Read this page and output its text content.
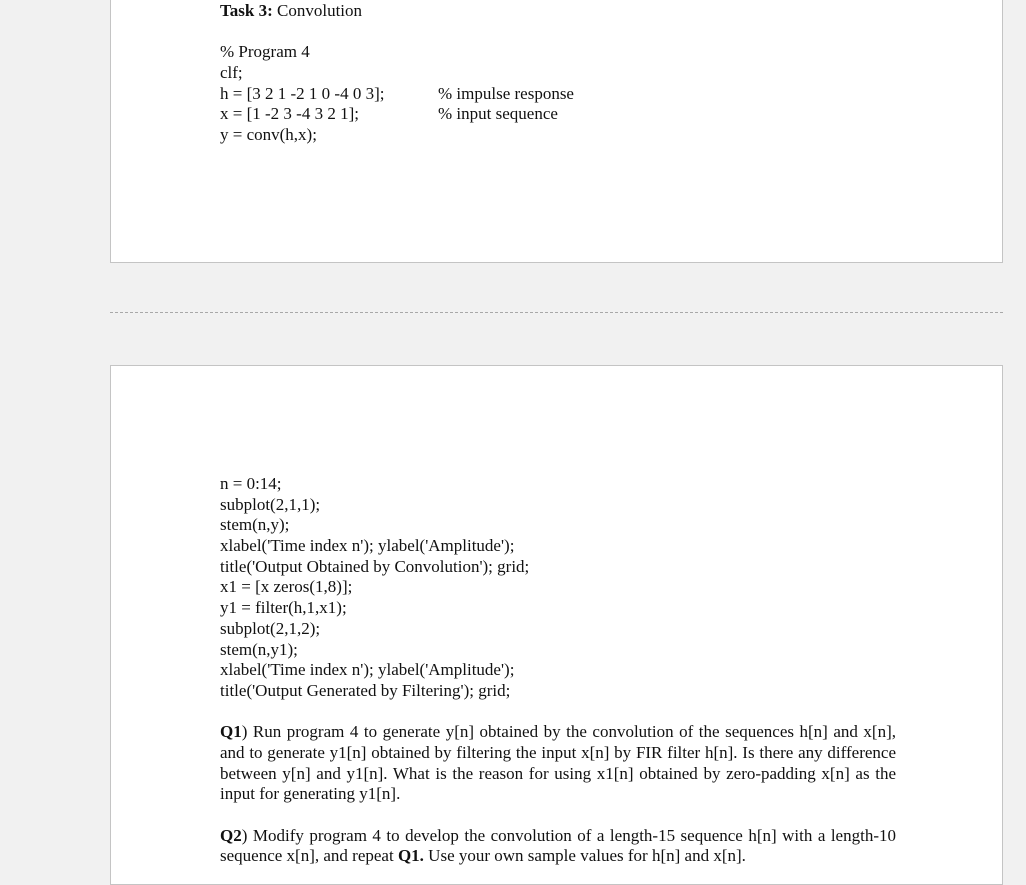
Task 3: Convolution
% Program 4
clf;
h = [3 2 1 -2 1 0 -4 0 3];	% impulse response
x = [1 -2 3 -4 3 2 1];	% input sequence
y = conv(h,x);
n = 0:14;
subplot(2,1,1);
stem(n,y);
xlabel('Time index n'); ylabel('Amplitude');
title('Output Obtained by Convolution'); grid;
x1 = [x zeros(1,8)];
y1 = filter(h,1,x1);
subplot(2,1,2);
stem(n,y1);
xlabel('Time index n'); ylabel('Amplitude');
title('Output Generated by Filtering'); grid;
Q1) Run program 4 to generate y[n] obtained by the convolution of the sequences h[n] and x[n], and to generate y1[n] obtained by filtering the input x[n] by FIR filter h[n]. Is there any difference between y[n] and y1[n]. What is the reason for using x1[n] obtained by zero-padding x[n] as the input for generating y1[n].
Q2) Modify program 4 to develop the convolution of a length-15 sequence h[n] with a length-10 sequence x[n], and repeat Q1. Use your own sample values for h[n] and x[n].
